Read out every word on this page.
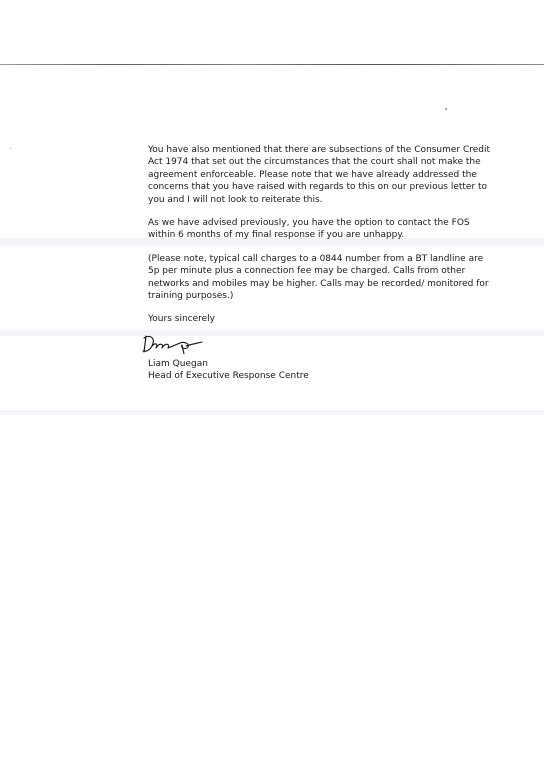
You have also mentioned that there are subsections of the Consumer Credit
Act 1974 that set out the circumstances that the court shall not make the
agreement enforceable. Please note that we have already addressed the
concerns that you have raised with regards to this on our previous letter to
you and I will not look to reiterate this.

As we have advised previously, you have the option to contact the FOS
within 6 months of my final response if you are unhappy.

(Please note, typical call charges to a 0844 number from a BT landline are
5p per minute plus a connection fee may be charged. Calls from other
networks and mobiles may be higher. Calls may be recorded/ monitored for
training purposes.)

Yours sincerely

Liam Quegan
Head of Executive Response Centre
